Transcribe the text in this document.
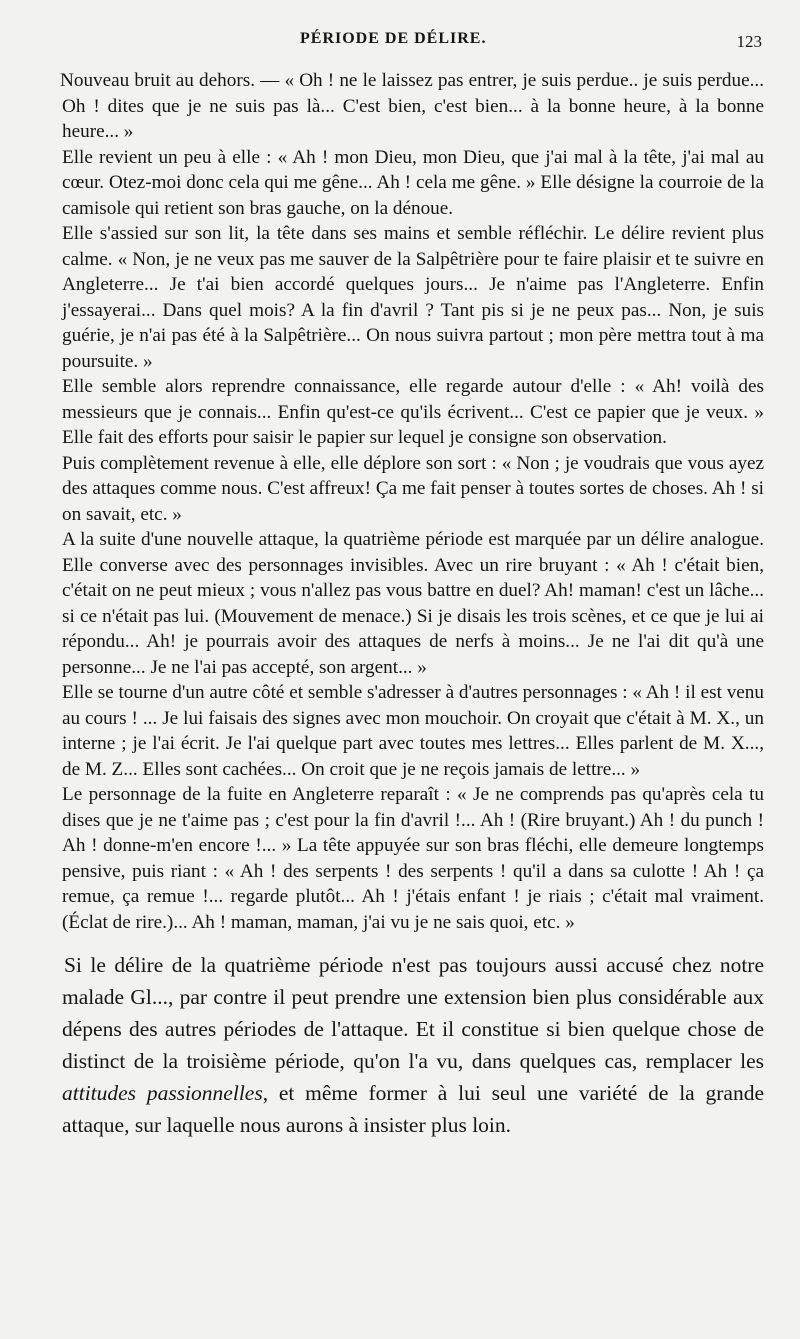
PÉRIODE DE DÉLIRE.	123

Nouveau bruit au dehors. — « Oh ! ne le laissez pas entrer, je suis perdue.. je suis perdue... Oh ! dites que je ne suis pas là... C'est bien, c'est bien... à la bonne heure, à la bonne heure... »

Elle revient un peu à elle : « Ah ! mon Dieu, mon Dieu, que j'ai mal à la tête, j'ai mal au cœur. Otez-moi donc cela qui me gêne... Ah ! cela me gêne. » Elle désigne la courroie de la camisole qui retient son bras gauche, on la dénoue.

Elle s'assied sur son lit, la tête dans ses mains et semble réfléchir. Le délire revient plus calme. « Non, je ne veux pas me sauver de la Salpêtrière pour te faire plaisir et te suivre en Angleterre... Je t'ai bien accordé quelques jours... Je n'aime pas l'Angleterre. Enfin j'essayerai... Dans quel mois? A la fin d'avril ? Tant pis si je ne peux pas... Non, je suis guérie, je n'ai pas été à la Salpêtrière... On nous suivra partout ; mon père mettra tout à ma poursuite. »

Elle semble alors reprendre connaissance, elle regarde autour d'elle : « Ah! voilà des messieurs que je connais... Enfin qu'est-ce qu'ils écrivent... C'est ce papier que je veux. » Elle fait des efforts pour saisir le papier sur lequel je consigne son observation.

Puis complètement revenue à elle, elle déplore son sort : « Non ; je voudrais que vous ayez des attaques comme nous. C'est affreux! Ça me fait penser à toutes sortes de choses. Ah ! si on savait, etc. »

A la suite d'une nouvelle attaque, la quatrième période est marquée par un délire analogue. Elle converse avec des personnages invisibles. Avec un rire bruyant : « Ah ! c'était bien, c'était on ne peut mieux ; vous n'allez pas vous battre en duel? Ah! maman! c'est un lâche... si ce n'était pas lui. (Mouvement de menace.) Si je disais les trois scènes, et ce que je lui ai répondu... Ah! je pourrais avoir des attaques de nerfs à moins... Je ne l'ai dit qu'à une personne... Je ne l'ai pas accepté, son argent... »

Elle se tourne d'un autre côté et semble s'adresser à d'autres personnages : « Ah ! il est venu au cours ! ... Je lui faisais des signes avec mon mouchoir. On croyait que c'était à M. X., un interne ; je l'ai écrit. Je l'ai quelque part avec toutes mes lettres... Elles parlent de M. X..., de M. Z... Elles sont cachées... On croit que je ne reçois jamais de lettre... »

Le personnage de la fuite en Angleterre reparaît : « Je ne comprends pas qu'après cela tu dises que je ne t'aime pas ; c'est pour la fin d'avril !... Ah ! (Rire bruyant.) Ah ! du punch ! Ah ! donne-m'en encore !... » La tête appuyée sur son bras fléchi, elle demeure longtemps pensive, puis riant : « Ah ! des serpents ! des serpents ! qu'il a dans sa culotte ! Ah ! ça remue, ça remue !... regarde plutôt... Ah ! j'étais enfant ! je riais ; c'était mal vraiment. (Éclat de rire.)... Ah ! maman, maman, j'ai vu je ne sais quoi, etc. »

Si le délire de la quatrième période n'est pas toujours aussi accusé chez notre malade Gl..., par contre il peut prendre une extension bien plus considérable aux dépens des autres périodes de l'attaque. Et il constitue si bien quelque chose de distinct de la troisième période, qu'on l'a vu, dans quelques cas, remplacer les attitudes passionnelles, et même former à lui seul une variété de la grande attaque, sur laquelle nous aurons à insister plus loin.
